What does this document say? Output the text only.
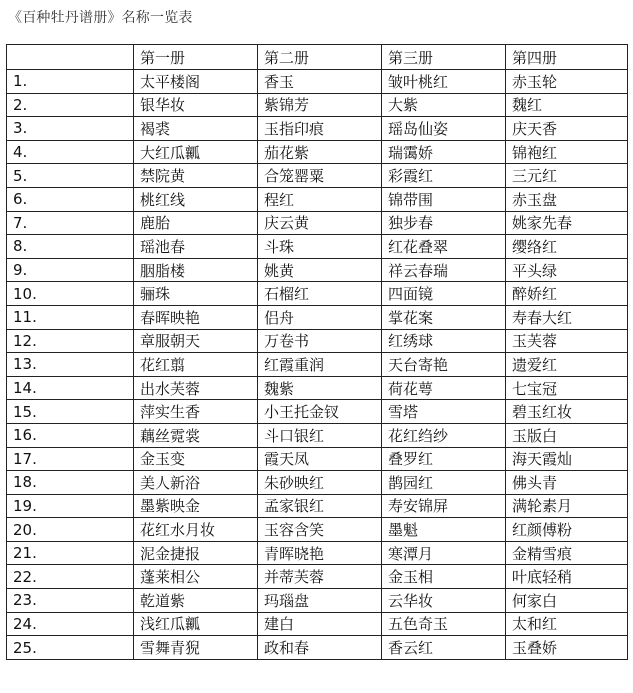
《百种牡丹谱册》名称一览表
	第一册	第二册	第三册	第四册
1.	太平楼阁	香玉	皱叶桃红	赤玉轮
2.	银华妆	紫锦芳	大紫	魏红
3.	褐裘	玉指印痕	瑶岛仙姿	庆天香
4.	大红瓜瓤	茄花紫	瑞霭娇	锦袍红
5.	禁院黄	合笼罂粟	彩霞红	三元红
6.	桃红线	程红	锦带围	赤玉盘
7.	鹿胎	庆云黄	独步春	姚家先春
8.	瑶池春	斗珠	红花叠翠	缨络红
9.	胭脂楼	姚黄	祥云春瑞	平头绿
10.	骊珠	石榴红	四面镜	醉娇红
11.	春晖映艳	侣舟	掌花案	寿春大红
12.	章服朝天	万卷书	红绣球	玉芙蓉
13.	花红翦	红霞重润	天台寄艳	遗爱红
14.	出水芙蓉	魏紫	荷花萼	七宝冠
15.	萍实生香	小王托金钗	雪塔	碧玉红妆
16.	藕丝霓裳	斗口银红	花红绉纱	玉版白
17.	金玉变	霞天凤	叠罗红	海天霞灿
18.	美人新浴	朱砂映红	鹊园红	佛头青
19.	墨紫映金	孟家银红	寿安锦屏	满轮素月
20.	花红水月妆	玉容含笑	墨魁	红颜傅粉
21.	泥金捷报	青晖晓艳	寒潭月	金精雪痕
22.	蓬莱相公	并蒂芙蓉	金玉相	叶底轻稍
23.	乾道紫	玛瑙盘	云华妆	何家白
24.	浅红瓜瓤	建白	五色奇玉	太和红
25.	雪舞青猊	政和春	香云红	玉叠娇
